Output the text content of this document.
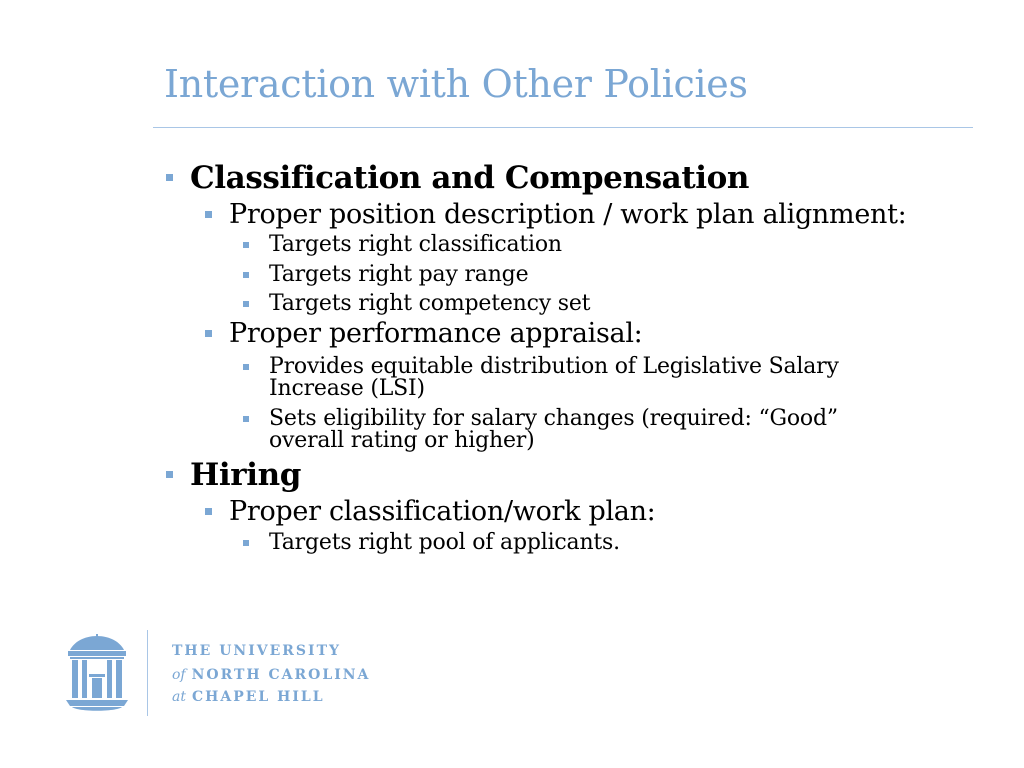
Interaction with Other Policies
Classification and Compensation
Proper position description / work plan alignment:
Targets right classification
Targets right pay range
Targets right competency set
Proper performance appraisal:
Provides equitable distribution of Legislative Salary Increase (LSI)
Sets eligibility for salary changes (required: “Good” overall rating or higher)
Hiring
Proper classification/work plan:
Targets right pool of applicants.
THE UNIVERSITY
of NORTH CAROLINA
at CHAPEL HILL
